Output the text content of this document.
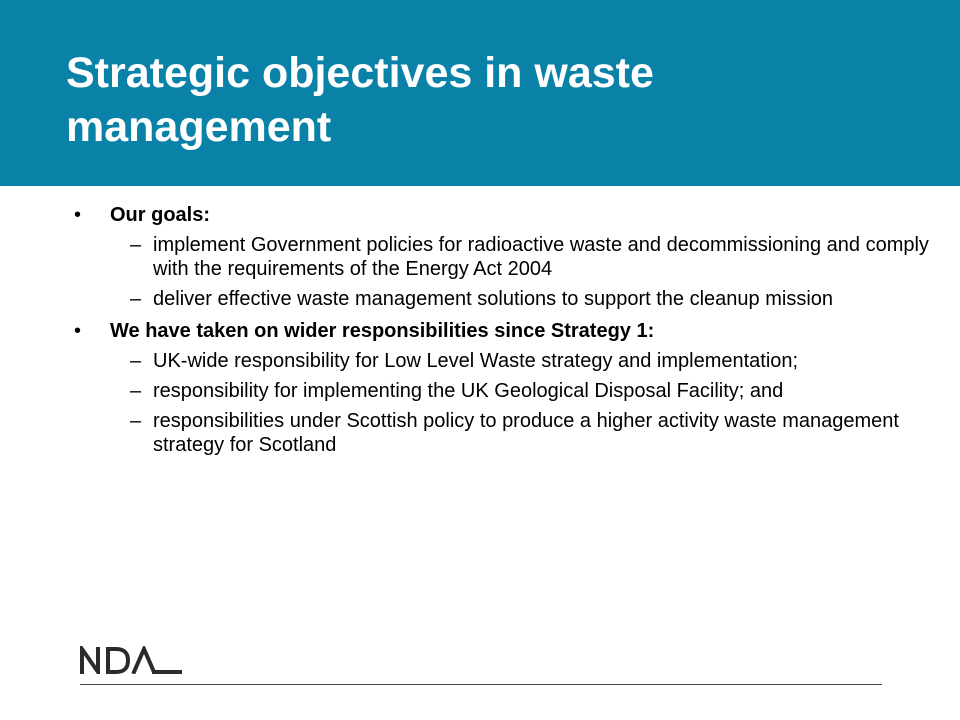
Strategic objectives in waste management
• Our goals:
– implement Government policies for radioactive waste and decommissioning and comply with the requirements of the Energy Act 2004
– deliver effective waste management solutions to support the cleanup mission
• We have taken on wider responsibilities since Strategy 1:
– UK-wide responsibility for Low Level Waste strategy and implementation;
– responsibility for implementing the UK Geological Disposal Facility; and
– responsibilities under Scottish policy to produce a higher activity waste management strategy for Scotland
